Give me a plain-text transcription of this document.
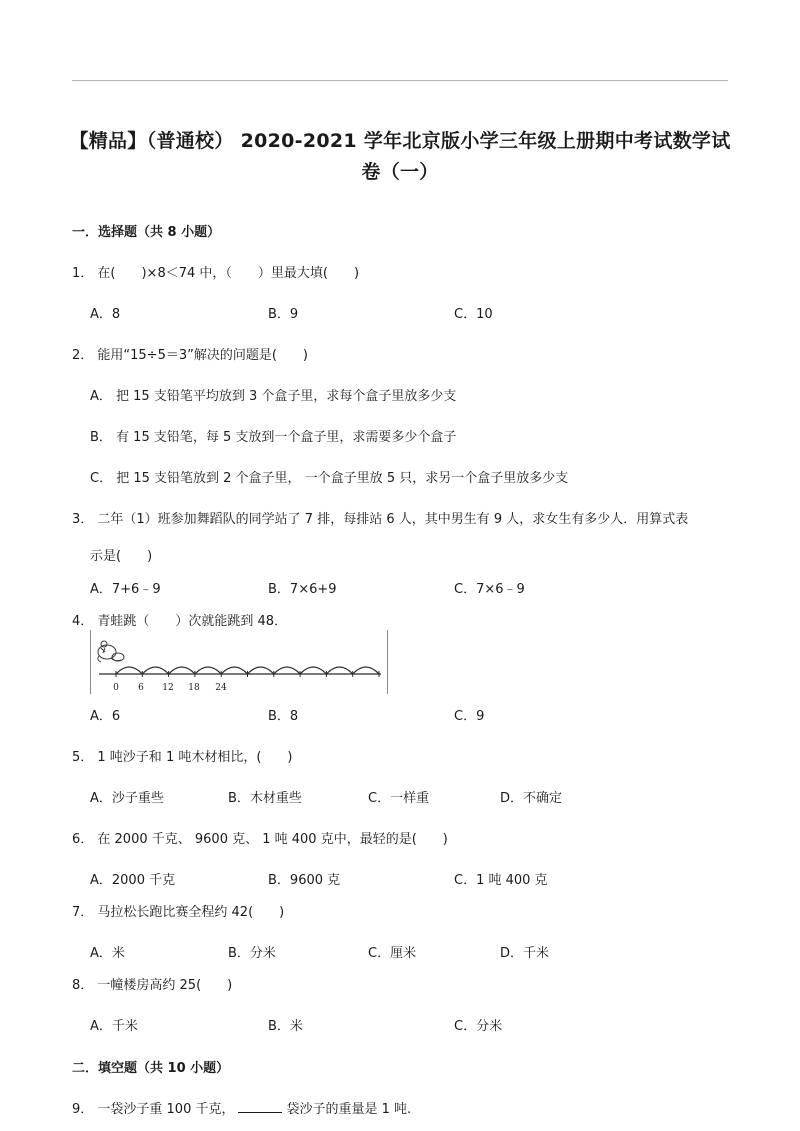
【精品】（普通校） 2020-2021 学年北京版小学三年级上册期中考试数学试
卷（一）
一．选择题（共 8 小题）
1． 在(　　)×8＜74 中，（　　）里最大填(　　)
A．8	B．9	C．10
2． 能用“15÷5＝3”解决的问题是(　　)
A． 把 15 支铅笔平均放到 3 个盒子里，求每个盒子里放多少支
B． 有 15 支铅笔，每 5 支放到一个盒子里，求需要多少个盒子
C． 把 15 支铅笔放到 2 个盒子里， 一个盒子里放 5 只，求另一个盒子里放多少支
3． 二年（1）班参加舞蹈队的同学站了 7 排，每排站 6 人，其中男生有 9 人，求女生有多少人．用算式表
示是(　　)
A．7+6﹣9	B．7×6+9	C．7×6﹣9
4． 青蛙跳（　　）次就能跳到 48．
0 6 12 18 24
A．6	B．8	C．9
5． 1 吨沙子和 1 吨木材相比，(　　)
A．沙子重些	B．木材重些	C．一样重	D．不确定
6． 在 2000 千克、 9600 克、 1 吨 400 克中，最轻的是(　　)
A．2000 千克	B．9600 克	C．1 吨 400 克
7． 马拉松长跑比赛全程约 42(　　)
A．米	B．分米	C．厘米	D．千米
8． 一幢楼房高约 25(　　)
A．千米	B．米	C．分米
二．填空题（共 10 小题）
9． 一袋沙子重 100 千克，	袋沙子的重量是 1 吨.
